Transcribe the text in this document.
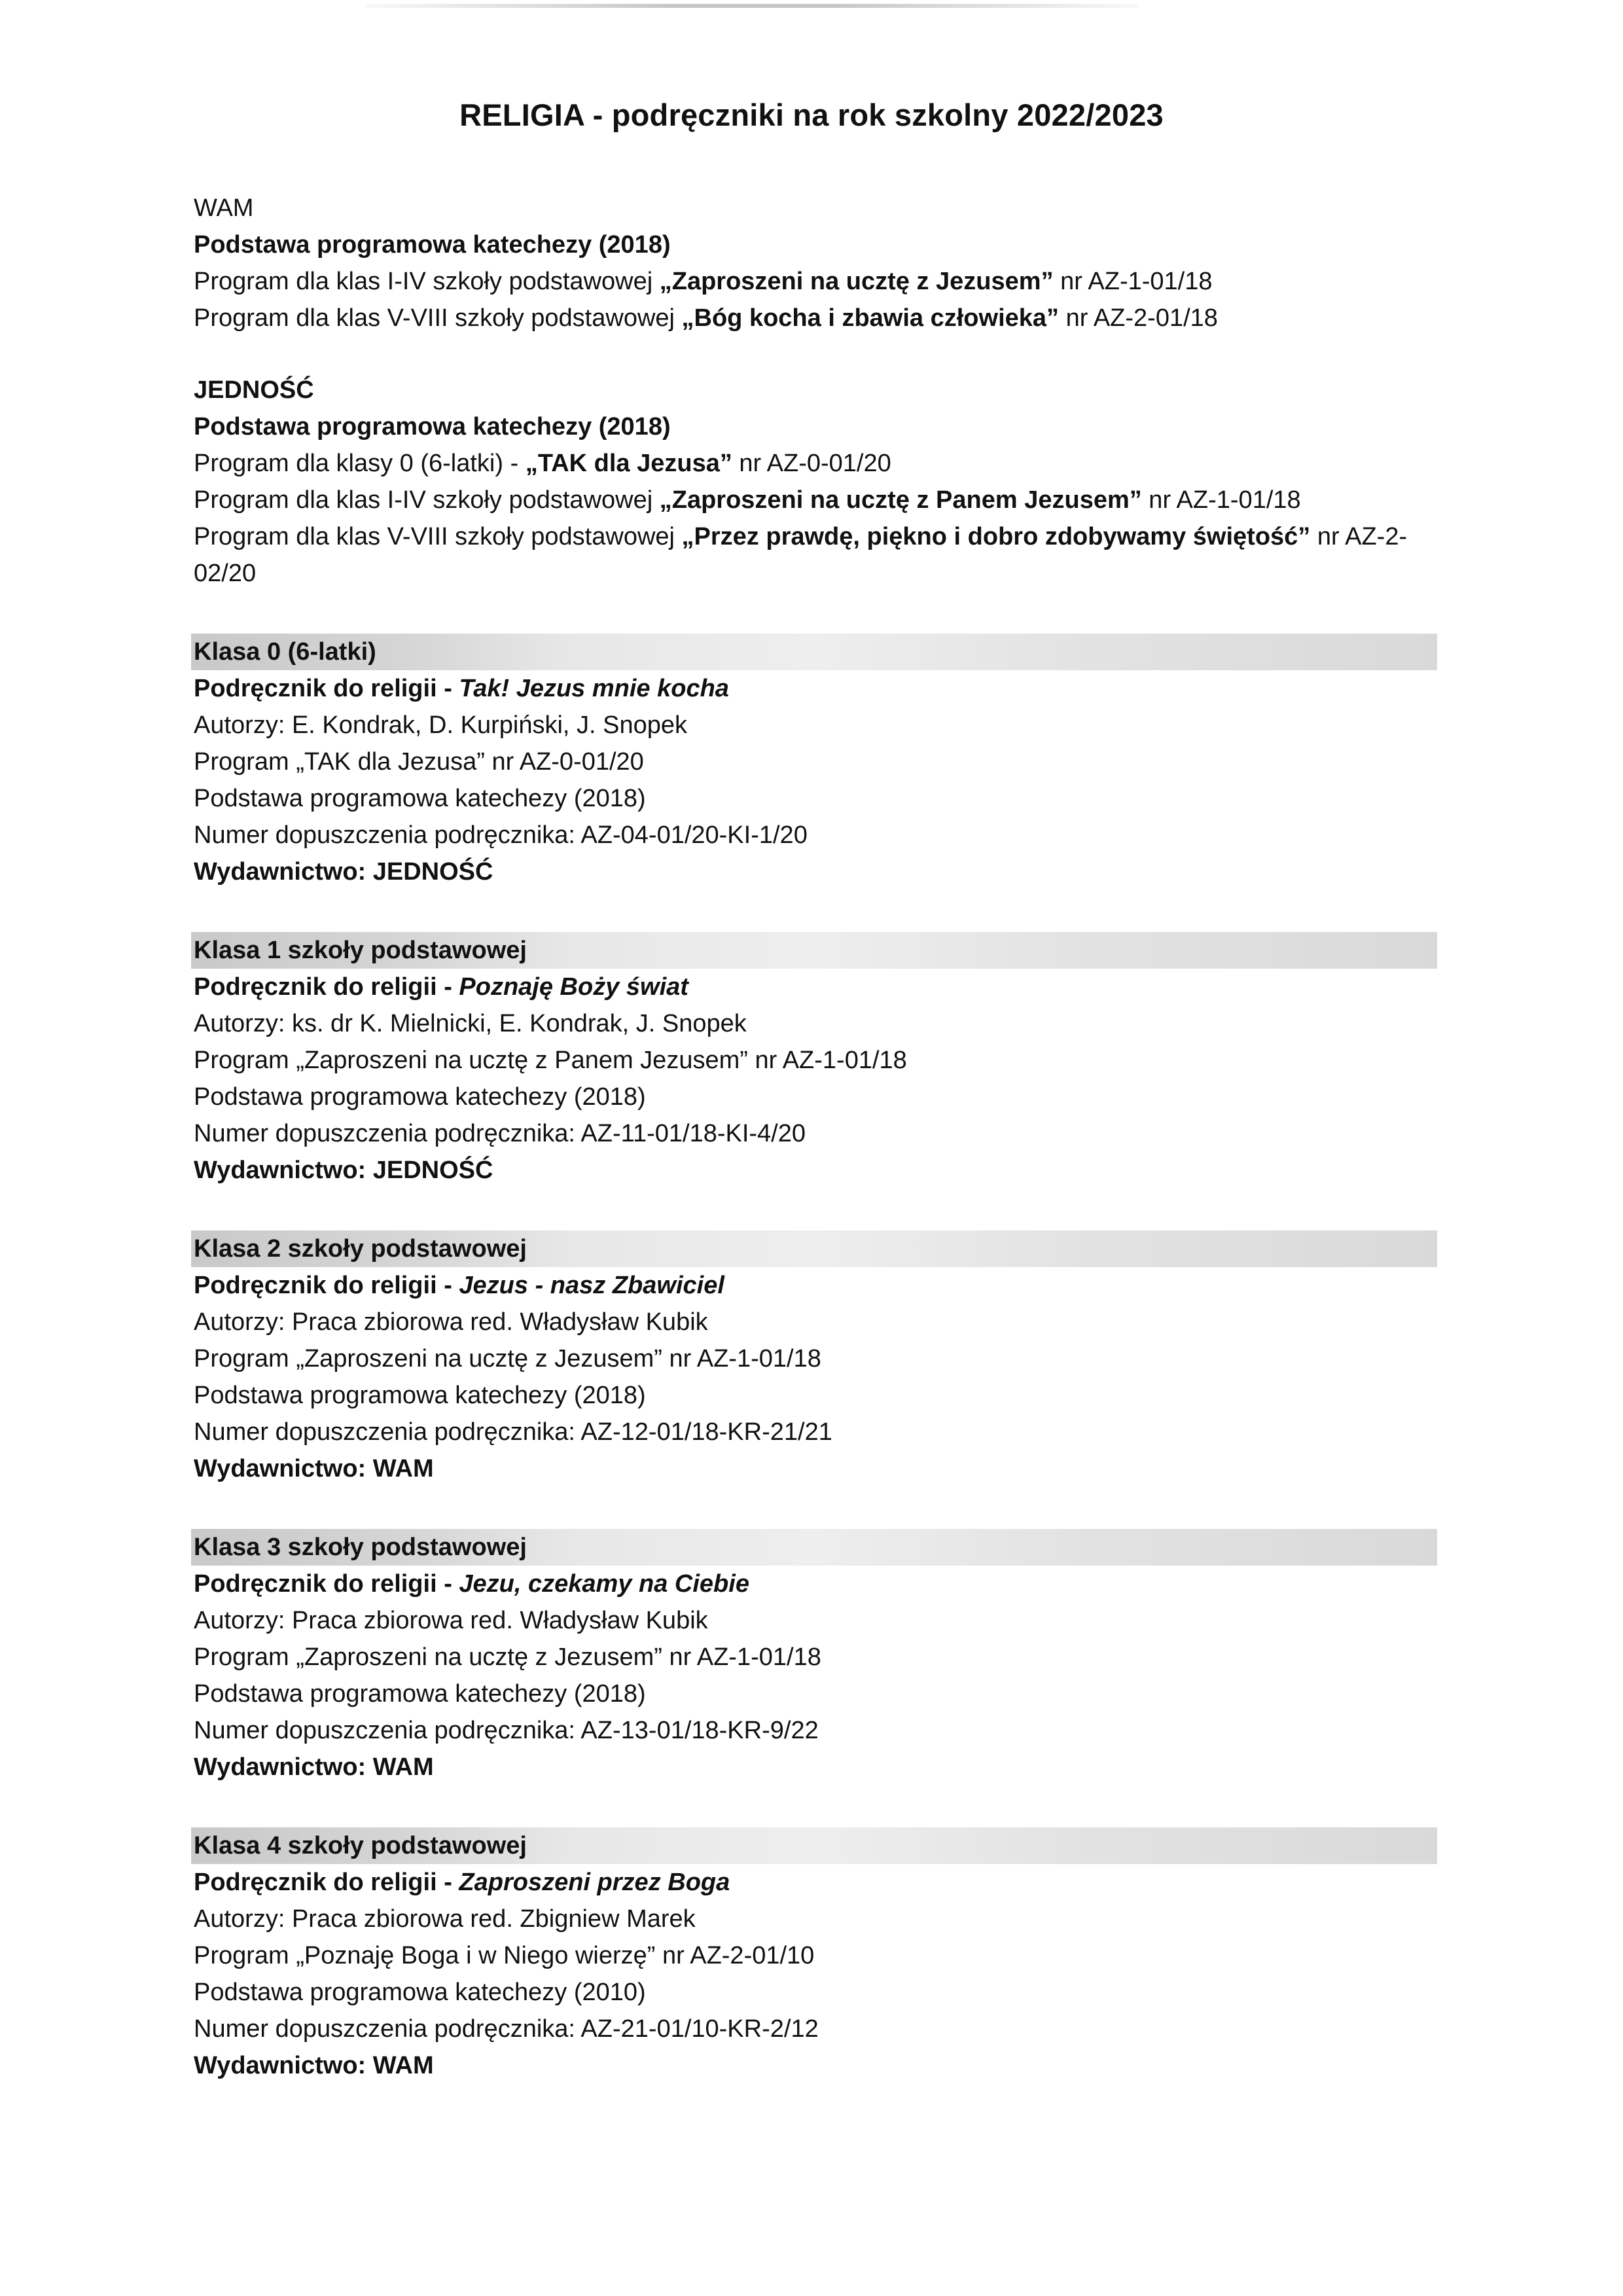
RELIGIA - podręczniki na rok szkolny 2022/2023
WAM
Podstawa programowa katechezy (2018)
Program dla klas I-IV szkoły podstawowej „Zaproszeni na ucztę z Jezusem” nr AZ-1-01/18
Program dla klas V-VIII szkoły podstawowej „Bóg kocha i zbawia człowieka” nr AZ-2-01/18
JEDNOŚĆ
Podstawa programowa katechezy (2018)
Program dla klasy 0 (6-latki) - „TAK dla Jezusa” nr AZ-0-01/20
Program dla klas I-IV szkoły podstawowej „Zaproszeni na ucztę z Panem Jezusem” nr AZ-1-01/18
Program dla klas V-VIII szkoły podstawowej „Przez prawdę, piękno i dobro zdobywamy świętość” nr AZ-2-02/20
Klasa 0 (6-latki)
Podręcznik do religii - Tak! Jezus mnie kocha
Autorzy: E. Kondrak, D. Kurpiński, J. Snopek
Program „TAK dla Jezusa” nr AZ-0-01/20
Podstawa programowa katechezy (2018)
Numer dopuszczenia podręcznika: AZ-04-01/20-KI-1/20
Wydawnictwo: JEDNOŚĆ
Klasa 1 szkoły podstawowej
Podręcznik do religii - Poznaję Boży świat
Autorzy: ks. dr K. Mielnicki, E. Kondrak, J. Snopek
Program „Zaproszeni na ucztę z Panem Jezusem” nr AZ-1-01/18
Podstawa programowa katechezy (2018)
Numer dopuszczenia podręcznika: AZ-11-01/18-KI-4/20
Wydawnictwo: JEDNOŚĆ
Klasa 2 szkoły podstawowej
Podręcznik do religii - Jezus - nasz Zbawiciel
Autorzy: Praca zbiorowa red. Władysław Kubik
Program „Zaproszeni na ucztę z Jezusem” nr AZ-1-01/18
Podstawa programowa katechezy (2018)
Numer dopuszczenia podręcznika: AZ-12-01/18-KR-21/21
Wydawnictwo: WAM
Klasa 3 szkoły podstawowej
Podręcznik do religii - Jezu, czekamy na Ciebie
Autorzy: Praca zbiorowa red. Władysław Kubik
Program „Zaproszeni na ucztę z Jezusem” nr AZ-1-01/18
Podstawa programowa katechezy (2018)
Numer dopuszczenia podręcznika: AZ-13-01/18-KR-9/22
Wydawnictwo: WAM
Klasa 4 szkoły podstawowej
Podręcznik do religii - Zaproszeni przez Boga
Autorzy: Praca zbiorowa red. Zbigniew Marek
Program „Poznaję Boga i w Niego wierzę” nr AZ-2-01/10
Podstawa programowa katechezy (2010)
Numer dopuszczenia podręcznika: AZ-21-01/10-KR-2/12
Wydawnictwo: WAM
